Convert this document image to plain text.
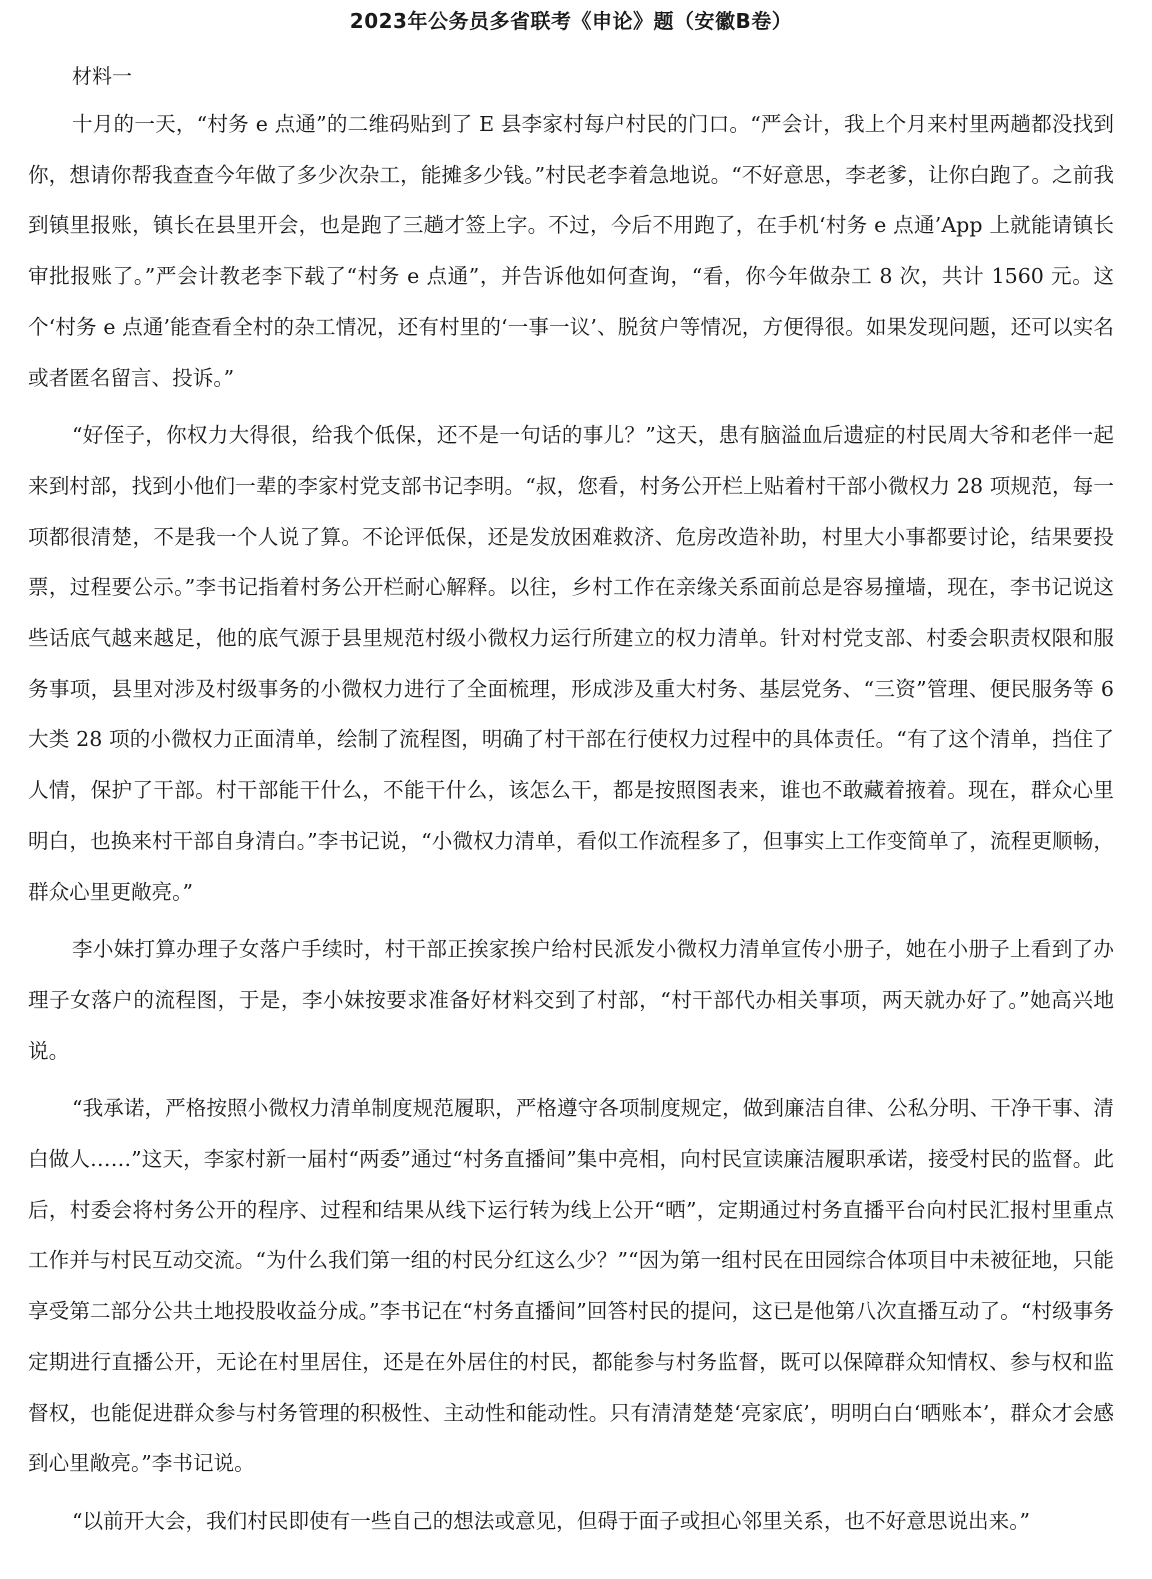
2023年公务员多省联考《申论》题（安徽B卷）

材料一

十月的一天，“村务 e 点通”的二维码贴到了 E 县李家村每户村民的门口。“严会计，我上个月来村里两趟都没找到你，想请你帮我查查今年做了多少次杂工，能摊多少钱。”村民老李着急地说。“不好意思，李老爹，让你白跑了。之前我到镇里报账，镇长在县里开会，也是跑了三趟才签上字。不过，今后不用跑了，在手机‘村务 e 点通’App 上就能请镇长审批报账了。”严会计教老李下载了“村务 e 点通”，并告诉他如何查询，“看，你今年做杂工 8 次，共计 1560 元。这个‘村务 e 点通’能查看全村的杂工情况，还有村里的‘一事一议’、脱贫户等情况，方便得很。如果发现问题，还可以实名或者匿名留言、投诉。”

“好侄子，你权力大得很，给我个低保，还不是一句话的事儿？”这天，患有脑溢血后遗症的村民周大爷和老伴一起来到村部，找到小他们一辈的李家村党支部书记李明。“叔，您看，村务公开栏上贴着村干部小微权力 28 项规范，每一项都很清楚，不是我一个人说了算。不论评低保，还是发放困难救济、危房改造补助，村里大小事都要讨论，结果要投票，过程要公示。”李书记指着村务公开栏耐心解释。以往，乡村工作在亲缘关系面前总是容易撞墙，现在，李书记说这些话底气越来越足，他的底气源于县里规范村级小微权力运行所建立的权力清单。针对村党支部、村委会职责权限和服务事项，县里对涉及村级事务的小微权力进行了全面梳理，形成涉及重大村务、基层党务、“三资”管理、便民服务等 6 大类 28 项的小微权力正面清单，绘制了流程图，明确了村干部在行使权力过程中的具体责任。“有了这个清单，挡住了人情，保护了干部。村干部能干什么，不能干什么，该怎么干，都是按照图表来，谁也不敢藏着掖着。现在，群众心里明白，也换来村干部自身清白。”李书记说，“小微权力清单，看似工作流程多了，但事实上工作变简单了，流程更顺畅，群众心里更敞亮。”

李小妹打算办理子女落户手续时，村干部正挨家挨户给村民派发小微权力清单宣传小册子，她在小册子上看到了办理子女落户的流程图，于是，李小妹按要求准备好材料交到了村部，“村干部代办相关事项，两天就办好了。”她高兴地说。

“我承诺，严格按照小微权力清单制度规范履职，严格遵守各项制度规定，做到廉洁自律、公私分明、干净干事、清白做人……”这天，李家村新一届村“两委”通过“村务直播间”集中亮相，向村民宣读廉洁履职承诺，接受村民的监督。此后，村委会将村务公开的程序、过程和结果从线下运行转为线上公开“晒”，定期通过村务直播平台向村民汇报村里重点工作并与村民互动交流。“为什么我们第一组的村民分红这么少？”“因为第一组村民在田园综合体项目中未被征地，只能享受第二部分公共土地投股收益分成。”李书记在“村务直播间”回答村民的提问，这已是他第八次直播互动了。“村级事务定期进行直播公开，无论在村里居住，还是在外居住的村民，都能参与村务监督，既可以保障群众知情权、参与权和监督权，也能促进群众参与村务管理的积极性、主动性和能动性。只有清清楚楚‘亮家底’，明明白白‘晒账本’，群众才会感到心里敞亮。”李书记说。

“以前开大会，我们村民即使有一些自己的想法或意见，但碍于面子或担心邻里关系，也不好意思说出来。”
